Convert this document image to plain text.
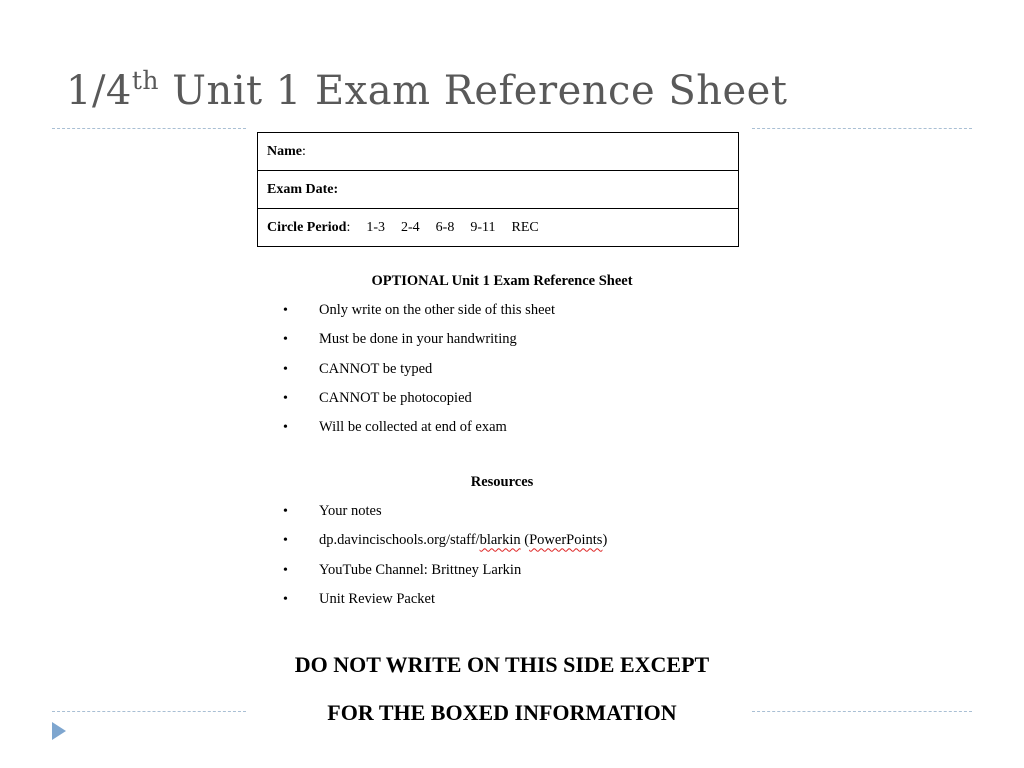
1/4th Unit 1 Exam Reference Sheet
Name:
Exam Date:
Circle Period: 1-3 2-4 6-8 9-11 REC
OPTIONAL Unit 1 Exam Reference Sheet
• Only write on the other side of this sheet
• Must be done in your handwriting
• CANNOT be typed
• CANNOT be photocopied
• Will be collected at end of exam
Resources
• Your notes
• dp.davincischools.org/staff/blarkin (PowerPoints)
• YouTube Channel: Brittney Larkin
• Unit Review Packet
DO NOT WRITE ON THIS SIDE EXCEPT
FOR THE BOXED INFORMATION
